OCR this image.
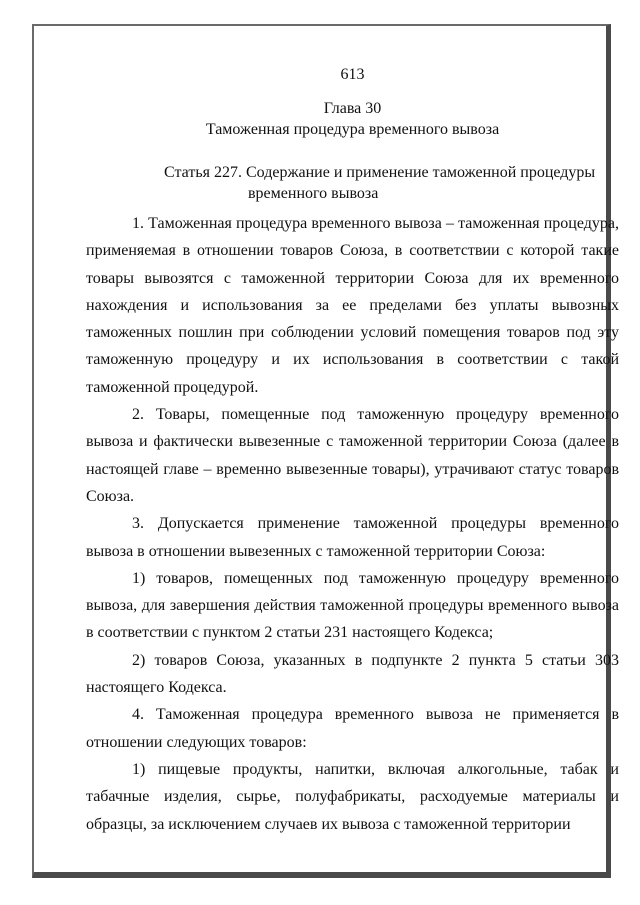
613
Глава 30
Таможенная процедура временного вывоза
Статья 227. Содержание и применение таможенной процедуры
временного вывоза

1. Таможенная процедура временного вывоза – таможенная процедура, применяемая в отношении товаров Союза, в соответствии с которой такие товары вывозятся с таможенной территории Союза для их временного нахождения и использования за ее пределами без уплаты вывозных таможенных пошлин при соблюдении условий помещения товаров под эту таможенную процедуру и их использования в соответствии с такой таможенной процедурой.

2. Товары, помещенные под таможенную процедуру временного вывоза и фактически вывезенные с таможенной территории Союза (далее в настоящей главе – временно вывезенные товары), утрачивают статус товаров Союза.

3. Допускается применение таможенной процедуры временного вывоза в отношении вывезенных с таможенной территории Союза:

1) товаров, помещенных под таможенную процедуру временного вывоза, для завершения действия таможенной процедуры временного вывоза в соответствии с пунктом 2 статьи 231 настоящего Кодекса;

2) товаров Союза, указанных в подпункте 2 пункта 5 статьи 303 настоящего Кодекса.

4. Таможенная процедура временного вывоза не применяется в отношении следующих товаров:

1) пищевые продукты, напитки, включая алкогольные, табак и табачные изделия, сырье, полуфабрикаты, расходуемые материалы и образцы, за исключением случаев их вывоза с таможенной территории
